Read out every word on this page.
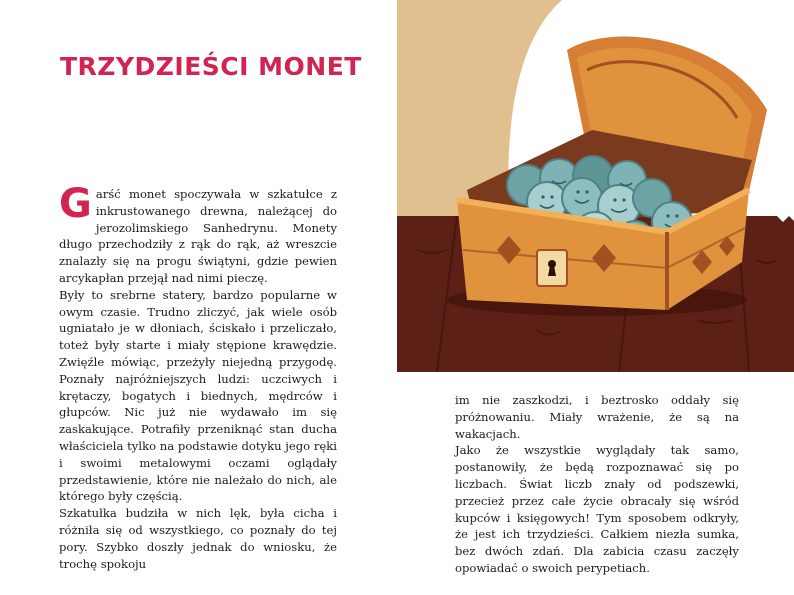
TRZYDZIEŚCI MONET

Garść monet spoczywała w szkatułce z inkrustowanego drewna, należącej do jerozolimskiego Sanhedrynu. Monety długo przechodziły z rąk do rąk, aż wreszcie znalazły się na progu świątyni, gdzie pewien arcykapłan przejął nad nimi pieczę.

Były to srebrne statery, bardzo popularne w owym czasie. Trudno zliczyć, jak wiele osób ugniatało je w dłoniach, ściskało i przeliczało, toteż były starte i miały stępione krawędzie. Zwięźle mówiąc, przeżyły niejedną przygodę. Poznały najróżniejszych ludzi: uczciwych i krętaczy, bogatych i biednych, mędrców i głupców. Nic już nie wydawało im się zaskakujące. Potrafiły przeniknąć stan ducha właściciela tylko na podstawie dotyku jego ręki i swoimi metalowymi oczami oglądały przedstawienie, które nie należało do nich, ale którego były częścią.

Szkatułka budziła w nich lęk, była cicha i różniła się od wszystkiego, co poznały do tej pory. Szybko doszły jednak do wniosku, że trochę spokoju

im nie zaszkodzi, i beztrosko oddały się próżnowaniu. Miały wrażenie, że są na wakacjach.

Jako że wszystkie wyglądały tak samo, postanowiły, że będą rozpoznawać się po liczbach. Świat liczb znały od podszewki, przecież przez całe życie obracały się wśród kupców i księgowych! Tym sposobem odkryły, że jest ich trzydzieści. Całkiem niezła sumka, bez dwóch zdań. Dla zabicia czasu zaczęły opowiadać o swoich perypetiach.
